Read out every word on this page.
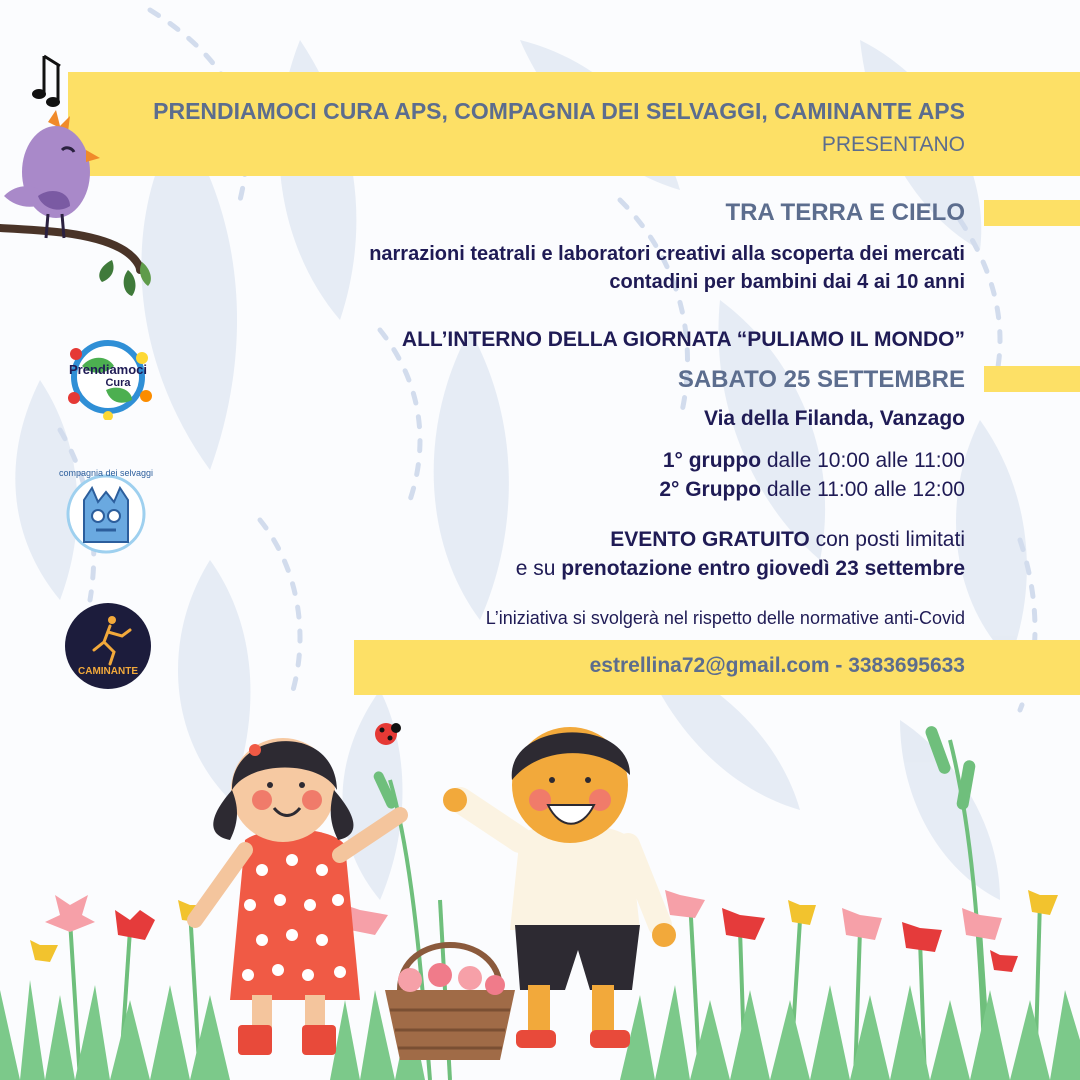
Prendiamoci
Cura
compagnia dei selvaggi
CAMINANTE

PRENDIAMOCI CURA APS, COMPAGNIA DEI SELVAGGI, CAMINANTE APS

PRESENTANO

TRA TERRA E CIELO

narrazioni teatrali e laboratori creativi alla scoperta dei mercati

contadini per bambini dai 4 ai 10 anni

ALL’INTERNO DELLA GIORNATA “PULIAMO IL MONDO”

SABATO 25 SETTEMBRE

Via della Filanda, Vanzago

1° gruppo dalle 10:00 alle 11:00

2° Gruppo dalle 11:00 alle 12:00

EVENTO GRATUITO con posti limitati

e su prenotazione entro giovedì 23 settembre

L’iniziativa si svolgerà nel rispetto delle normative anti-Covid

estrellina72@gmail.com - 3383695633
